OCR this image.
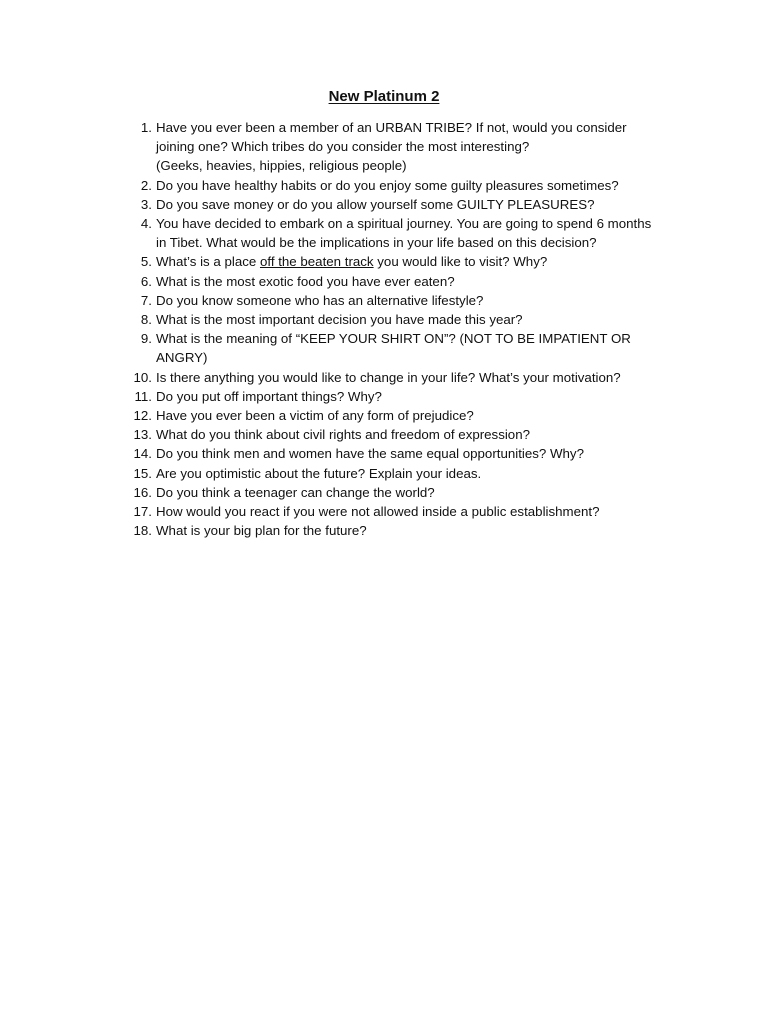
New Platinum 2
1. Have you ever been a member of an URBAN TRIBE? If not, would you consider joining one? Which tribes do you consider the most interesting?
(Geeks, heavies, hippies, religious people)
2. Do you have healthy habits or do you enjoy some guilty pleasures sometimes?
3. Do you save money or do you allow yourself some GUILTY PLEASURES?
4. You have decided to embark on a spiritual journey. You are going to spend 6 months in Tibet. What would be the implications in your life based on this decision?
5. What’s is a place off the beaten track you would like to visit? Why?
6. What is the most exotic food you have ever eaten?
7. Do you know someone who has an alternative lifestyle?
8. What is the most important decision you have made this year?
9. What is the meaning of “KEEP YOUR SHIRT ON”? (NOT TO BE IMPATIENT OR ANGRY)
10. Is there anything you would like to change in your life? What’s your motivation?
11. Do you put off important things? Why?
12. Have you ever been a victim of any form of prejudice?
13. What do you think about civil rights and freedom of expression?
14. Do you think men and women have the same equal opportunities? Why?
15. Are you optimistic about the future? Explain your ideas.
16. Do you think a teenager can change the world?
17. How would you react if you were not allowed inside a public establishment?
18. What is your big plan for the future?
